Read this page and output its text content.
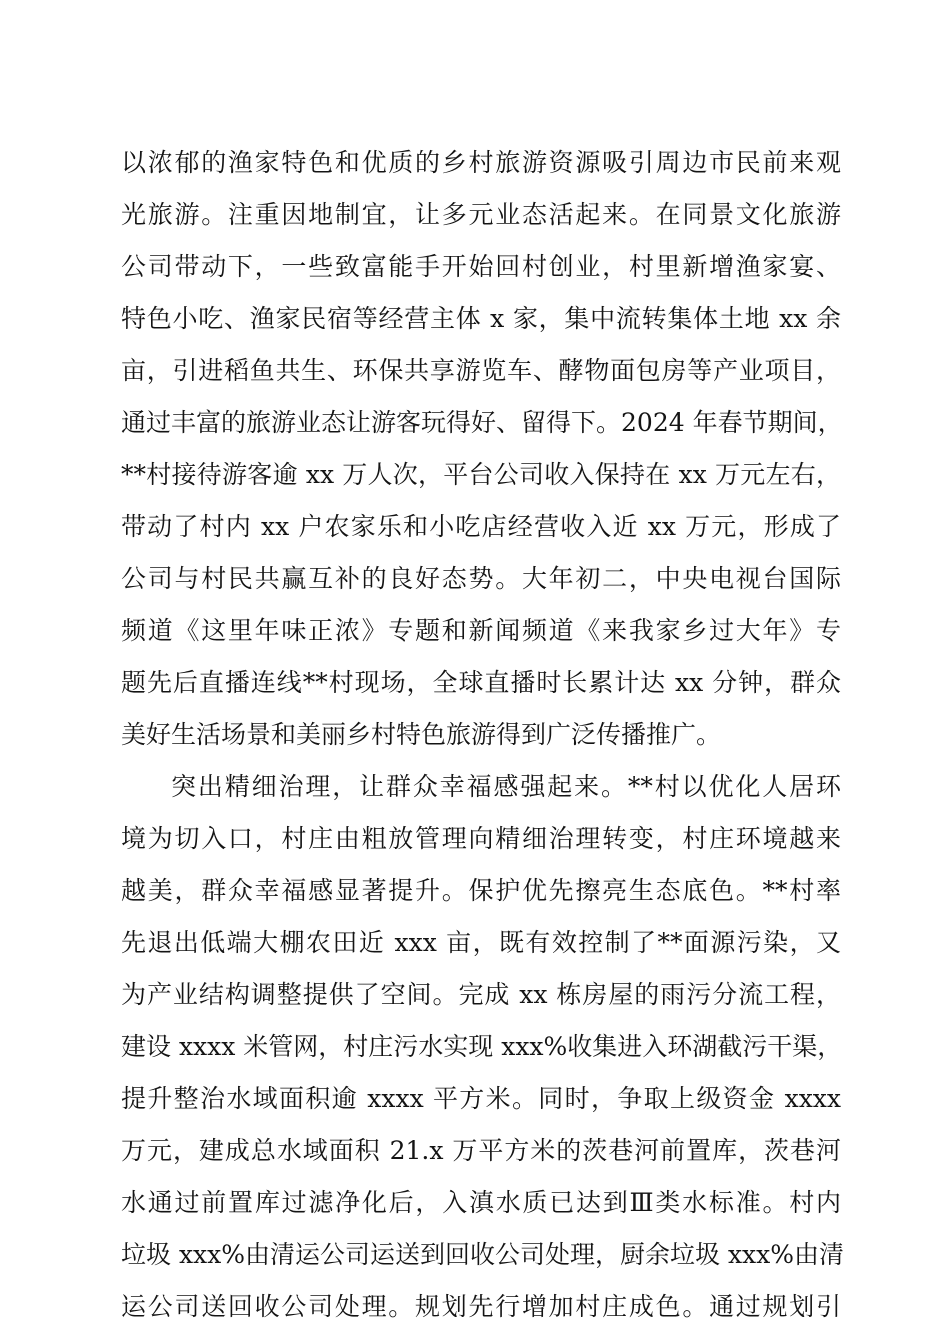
以浓郁的渔家特色和优质的乡村旅游资源吸引周边市民前来观
光旅游。注重因地制宜，让多元业态活起来。在同景文化旅游
公司带动下，一些致富能手开始回村创业，村里新增渔家宴、
特色小吃、渔家民宿等经营主体 x 家，集中流转集体土地 xx 余
亩，引进稻鱼共生、环保共享游览车、酵物面包房等产业项目，
通过丰富的旅游业态让游客玩得好、留得下。2024 年春节期间，
**村接待游客逾 xx 万人次，平台公司收入保持在 xx 万元左右，
带动了村内 xx 户农家乐和小吃店经营收入近 xx 万元，形成了
公司与村民共赢互补的良好态势。大年初二，中央电视台国际
频道《这里年味正浓》专题和新闻频道《来我家乡过大年》专
题先后直播连线**村现场，全球直播时长累计达 xx 分钟，群众
美好生活场景和美丽乡村特色旅游得到广泛传播推广。
突出精细治理，让群众幸福感强起来。**村以优化人居环
境为切入口，村庄由粗放管理向精细治理转变，村庄环境越来
越美，群众幸福感显著提升。保护优先擦亮生态底色。**村率
先退出低端大棚农田近 xxx 亩，既有效控制了**面源污染，又
为产业结构调整提供了空间。完成 xx 栋房屋的雨污分流工程，
建设 xxxx 米管网，村庄污水实现 xxx%收集进入环湖截污干渠，
提升整治水域面积逾 xxxx 平方米。同时，争取上级资金 xxxx
万元，建成总水域面积 21.x 万平方米的茨巷河前置库，茨巷河
水通过前置库过滤净化后，入滇水质已达到Ⅲ类水标准。村内
垃圾 xxx%由清运公司运送到回收公司处理，厨余垃圾 xxx%由清
运公司送回收公司处理。规划先行增加村庄成色。通过规划引
